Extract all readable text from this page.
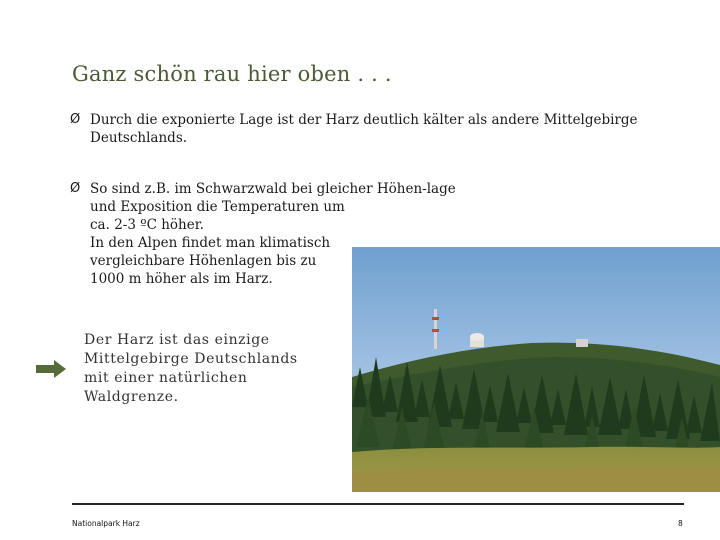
Ganz schön rau hier oben . . .
Ø Durch die exponierte Lage ist der Harz deutlich kälter als andere Mittelgebirge
Deutschlands.
Ø So sind z.B. im Schwarzwald bei gleicher Höhen-lage
und Exposition die Temperaturen um
ca. 2-3 ºC höher.
In den Alpen findet man klimatisch
vergleichbare Höhenlagen bis zu
1000 m höher als im Harz.
Der Harz ist das einzige
Mittelgebirge Deutschlands
mit einer natürlichen
Waldgrenze.
Nationalpark Harz	8
